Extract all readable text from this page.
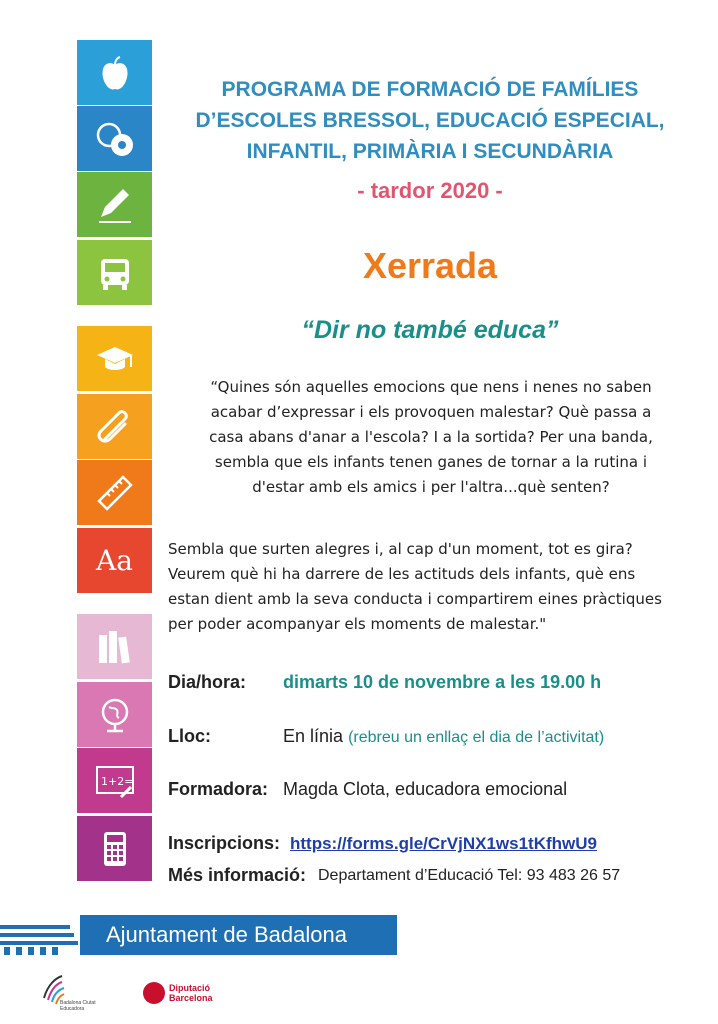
Aa
1+2=
PROGRAMA DE FORMACIÓ DE FAMÍLIES
D’ESCOLES BRESSOL, EDUCACIÓ ESPECIAL,
INFANTIL, PRIMÀRIA I SECUNDÀRIA
- tardor 2020 -
Xerrada
“Dir no també educa”
“Quines són aquelles emocions que nens i nenes no saben acabar d’expressar i els provoquen malestar? Què passa a casa abans d'anar a l'escola? I a la sortida? Per una banda, sembla que els infants tenen ganes de tornar a la rutina i d'estar amb els amics i per l'altra...què senten?
Sembla que surten alegres i, al cap d'un moment, tot es gira? Veurem què hi ha darrere de les actituds dels infants, què ens estan dient amb la seva conducta i compartirem eines pràctiques per poder acompanyar els moments de malestar."
Dia/hora: dimarts 10 de novembre a les 19.00 h
Lloc:	En línia (rebreu un enllaç el dia de l’activitat)
Formadora: Magda Clota, educadora emocional
Inscripcions: https://forms.gle/CrVjNX1ws1tKfhwU9
Més informació: Departament d’Educació Tel: 93 483 26 57
Ajuntament de Badalona
Badalona Ciutat Educadora
Diputació
Barcelona
